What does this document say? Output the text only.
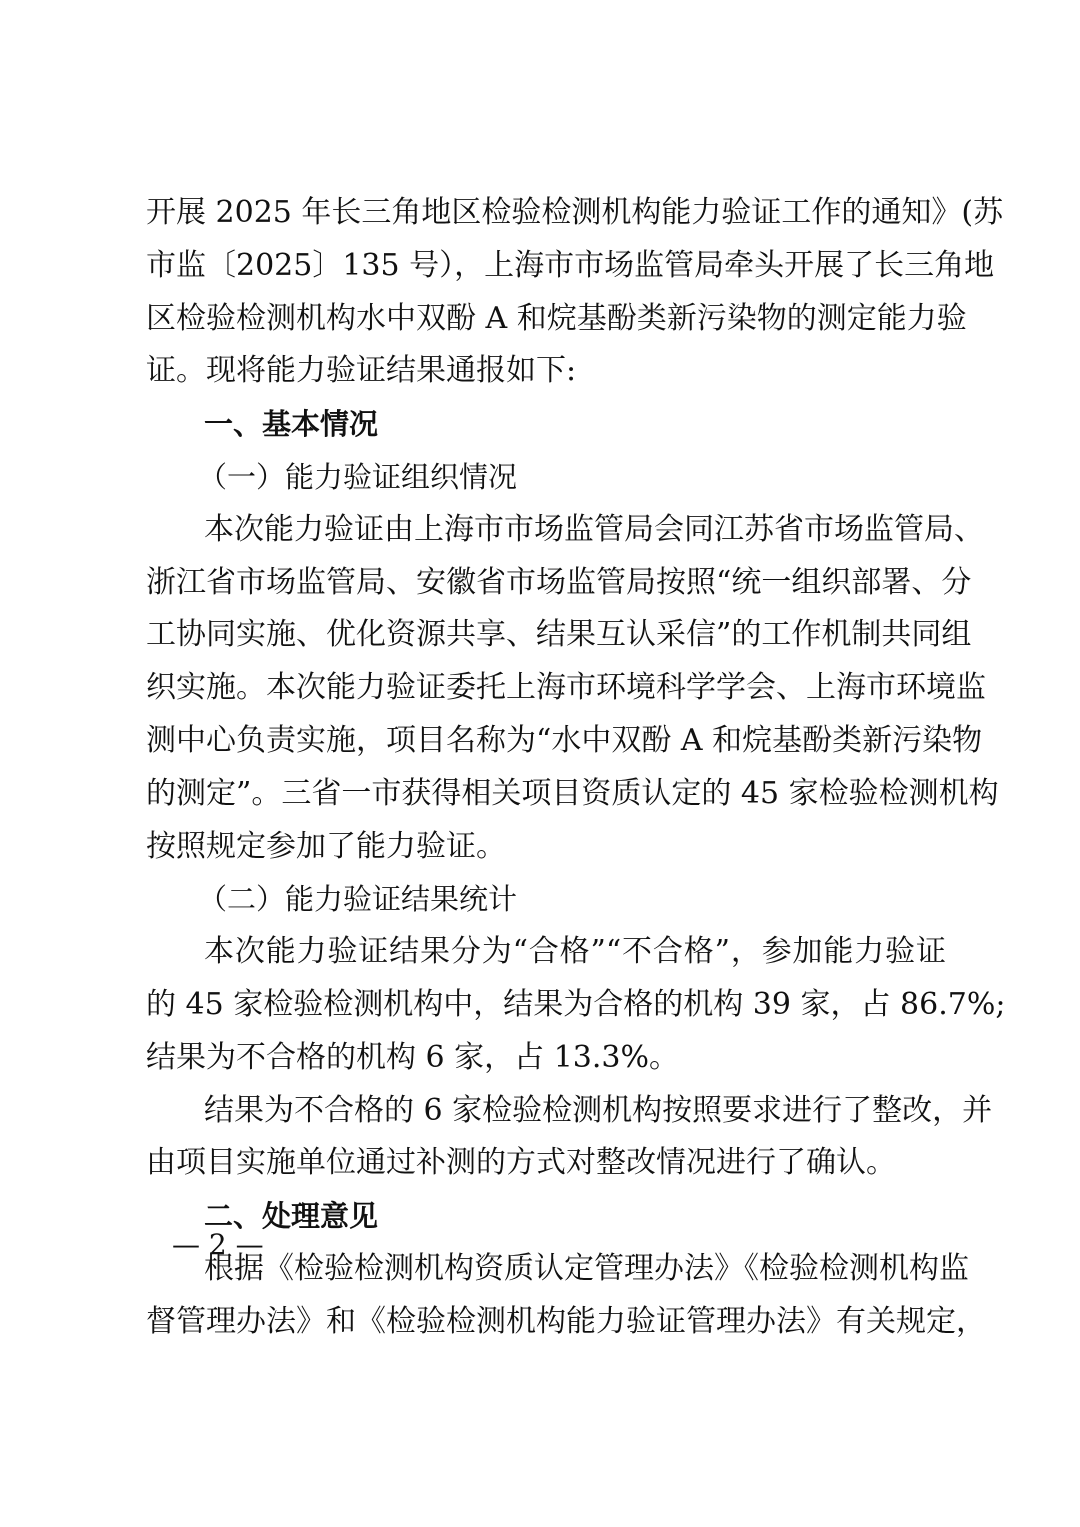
开展 2025 年长三角地区检验检测机构能力验证工作的通知》(苏
市监〔2025〕135 号），上海市市场监管局牵头开展了长三角地
区检验检测机构水中双酚 A 和烷基酚类新污染物的测定能力验
证。现将能力验证结果通报如下:
一、基本情况
（一）能力验证组织情况
本次能力验证由上海市市场监管局会同江苏省市场监管局、
浙江省市场监管局、安徽省市场监管局按照“统一组织部署、分
工协同实施、优化资源共享、结果互认采信”的工作机制共同组
织实施。本次能力验证委托上海市环境科学学会、上海市环境监
测中心负责实施，项目名称为“水中双酚 A 和烷基酚类新污染物
的测定”。三省一市获得相关项目资质认定的 45 家检验检测机构
按照规定参加了能力验证。
（二）能力验证结果统计
本次能力验证结果分为“合格”“不合格”，参加能力验证
的 45 家检验检测机构中，结果为合格的机构 39 家，占 86.7%;
结果为不合格的机构 6 家，占 13.3%。
结果为不合格的 6 家检验检测机构按照要求进行了整改，并
由项目实施单位通过补测的方式对整改情况进行了确认。
二、处理意见
根据《检验检测机构资质认定管理办法》《检验检测机构监
督管理办法》和《检验检测机构能力验证管理办法》有关规定，
— 2 —
